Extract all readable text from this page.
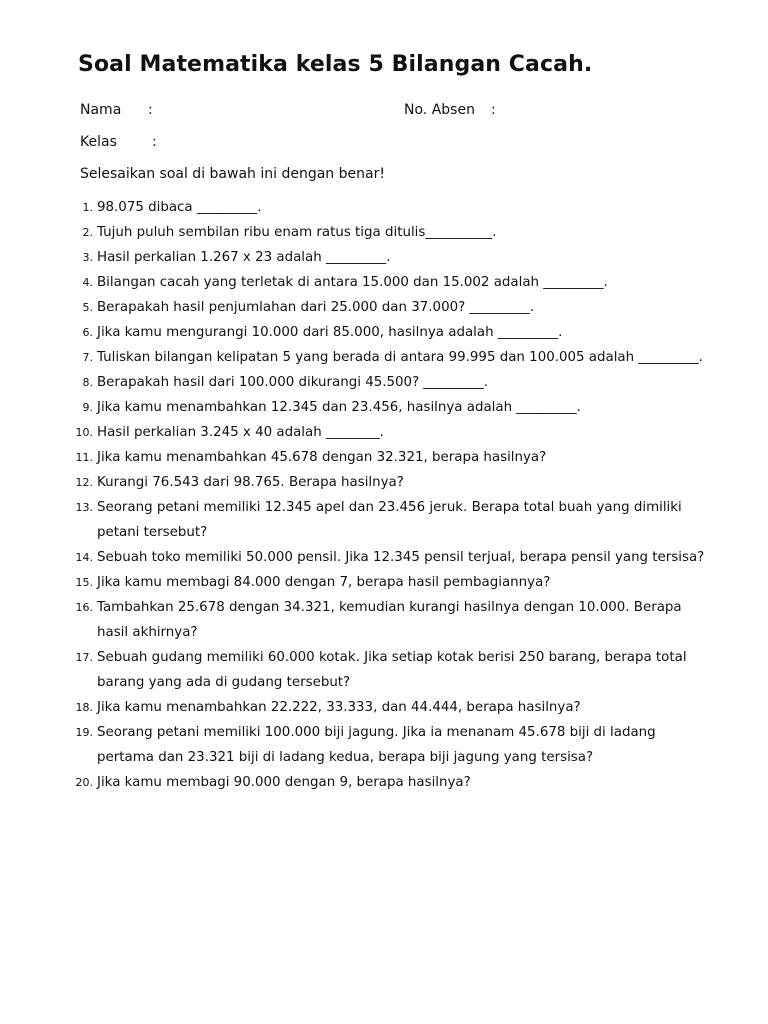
Soal Matematika kelas 5 Bilangan Cacah.
Nama :	No. Absen :
Kelas	:
Selesaikan soal di bawah ini dengan benar!
1. 98.075 dibaca _________.
2. Tujuh puluh sembilan ribu enam ratus tiga ditulis__________.
3. Hasil perkalian 1.267 x 23 adalah _________.
4. Bilangan cacah yang terletak di antara 15.000 dan 15.002 adalah _________.
5. Berapakah hasil penjumlahan dari 25.000 dan 37.000? _________.
6. Jika kamu mengurangi 10.000 dari 85.000, hasilnya adalah _________.
7. Tuliskan bilangan kelipatan 5 yang berada di antara 99.995 dan 100.005 adalah _________.
8. Berapakah hasil dari 100.000 dikurangi 45.500? _________.
9. Jika kamu menambahkan 12.345 dan 23.456, hasilnya adalah _________.
10. Hasil perkalian 3.245 x 40 adalah ________.
11. Jika kamu menambahkan 45.678 dengan 32.321, berapa hasilnya?
12. Kurangi 76.543 dari 98.765. Berapa hasilnya?
13. Seorang petani memiliki 12.345 apel dan 23.456 jeruk. Berapa total buah yang dimiliki petani tersebut?
14. Sebuah toko memiliki 50.000 pensil. Jika 12.345 pensil terjual, berapa pensil yang tersisa?
15. Jika kamu membagi 84.000 dengan 7, berapa hasil pembagiannya?
16. Tambahkan 25.678 dengan 34.321, kemudian kurangi hasilnya dengan 10.000. Berapa hasil akhirnya?
17. Sebuah gudang memiliki 60.000 kotak. Jika setiap kotak berisi 250 barang, berapa total barang yang ada di gudang tersebut?
18. Jika kamu menambahkan 22.222, 33.333, dan 44.444, berapa hasilnya?
19. Seorang petani memiliki 100.000 biji jagung. Jika ia menanam 45.678 biji di ladang pertama dan 23.321 biji di ladang kedua, berapa biji jagung yang tersisa?
20. Jika kamu membagi 90.000 dengan 9, berapa hasilnya?
